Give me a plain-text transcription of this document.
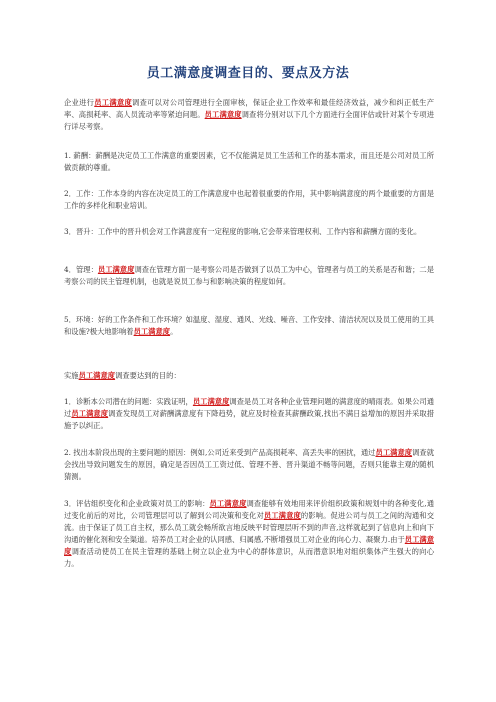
员工满意度调查目的、要点及方法

企业进行员工满意度调查可以对公司管理进行全面审核，保证企业工作效率和最佳经济效益，减少和纠正低生产率、高损耗率、高人员流动率等紧迫问题。员工满意度调查将分别对以下几个方面进行全面评估或针对某个专项进行详尽考察。

1. 薪酬：薪酬是决定员工工作满意的重要因素，它不仅能满足员工生活和工作的基本需求，而且还是公司对员工所做贡献的尊重。

2．工作：工作本身的内容在决定员工的工作满意度中也起着很重要的作用，其中影响满意度的两个最重要的方面是工作的多样化和职业培训。

3．晋升：工作中的晋升机会对工作满意度有一定程度的影响,它会带来管理权利、工作内容和薪酬方面的变化。

4．管理：员工满意度调查在管理方面一是考察公司是否做到了以员工为中心，管理者与员工的关系是否和谐；二是考察公司的民主管理机制，也就是说员工参与和影响决策的程度如何。

5．环境：好的工作条件和工作环境？如温度、湿度、通风、光线、噪音、工作安排、清洁状况以及员工使用的工具和设施?极大地影响着员工满意度。

实施员工满意度调查要达到的目的：

1．诊断本公司潜在的问题：实践证明，员工满意度调查是员工对各种企业管理问题的满意度的晴雨表。如果公司通过员工满意度调查发现员工对薪酬满意度有下降趋势，就应及时检查其薪酬政策,找出不满日益增加的原因并采取措施予以纠正。

2. 找出本阶段出现的主要问题的原因：例如,公司近来受到产品高损耗率、高丢失率的困扰，通过员工满意度调查就会找出导致问题发生的原因，确定是否因员工工资过低、管理不善、晋升渠道不畅等问题，否则只能靠主观的随机猜测。

3．评估组织变化和企业政策对员工的影响：员工满意度调查能够有效地用来评价组织政策和规划中的各种变化,通过变化前后的对比，公司管理层可以了解到公司决策和变化对员工满意度的影响。促进公司与员工之间的沟通和交流。由于保证了员工自主权，那么员工就会畅所欲言地反映平时管理层听不到的声音,这样就起到了信息向上和向下沟通的催化剂和安全渠道。培养员工对企业的认同感、归属感,不断增强员工对企业的向心力、凝聚力.由于员工满意度调查活动使员工在民主管理的基础上树立以企业为中心的群体意识，从而潜意识地对组织集体产生强大的向心力。
